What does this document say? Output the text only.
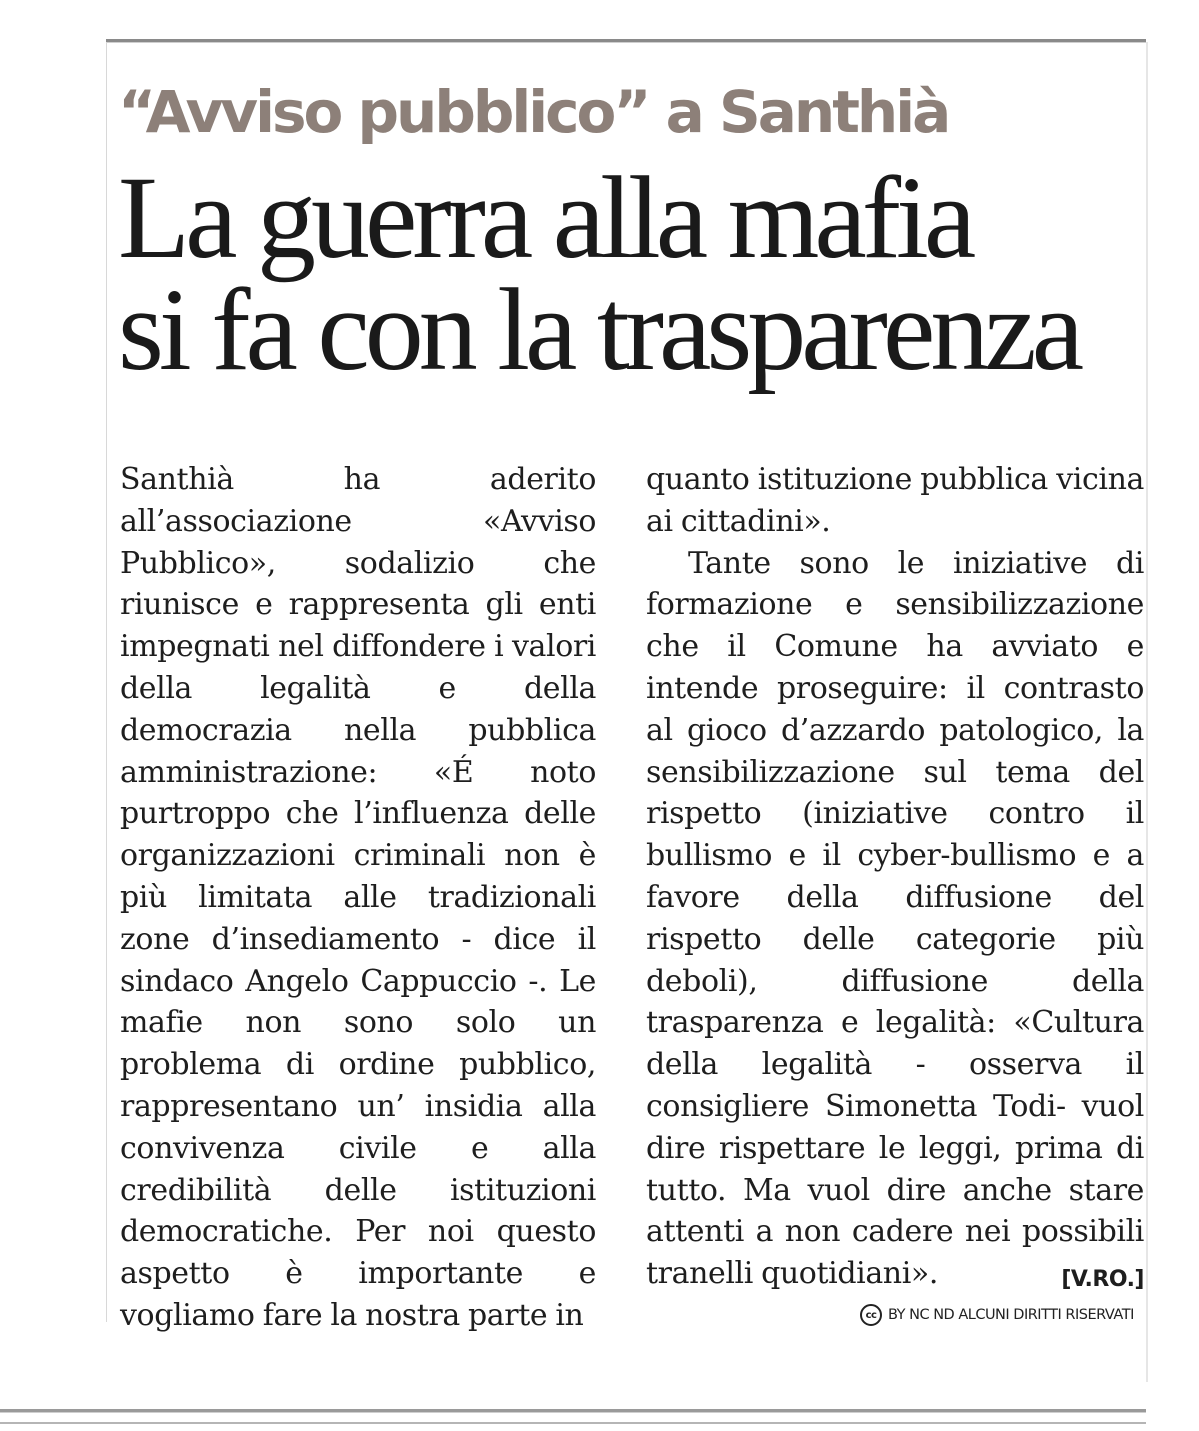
“Avviso pubblico” a Santhià
La guerra alla mafia
si fa con la trasparenza

Santhià ha aderito all’associazione «Avviso Pubblico», sodalizio che riunisce e rappresenta gli enti impegnati nel diffondere i valori della legalità e della democrazia nella pubblica amministrazione: «É noto purtroppo che l’influenza delle organizzazioni criminali non è più limitata alle tradizionali zone d’insediamento - dice il sindaco Angelo Cappuccio -. Le mafie non sono solo un problema di ordine pubblico, rappresentano un’ insidia alla convivenza civile e alla credibilità delle istituzioni democratiche. Per noi questo aspetto è importante e vogliamo fare la nostra parte in

quanto istituzione pubblica vicina ai cittadini».

Tante sono le iniziative di formazione e sensibilizzazione che il Comune ha avviato e intende proseguire: il contrasto al gioco d’azzardo patologico, la sensibilizzazione sul tema del rispetto (iniziative contro il bullismo e il cyber-bullismo e a favore della diffusione del rispetto delle categorie più deboli), diffusione della trasparenza e legalità: «Cultura della legalità - osserva il consigliere Simonetta Todi- vuol dire rispettare le leggi, prima di tutto. Ma vuol dire anche stare attenti a non cadere nei possibili tranelli quotidiani».	[V.RO.]

cc BY NC ND ALCUNI DIRITTI RISERVATI
